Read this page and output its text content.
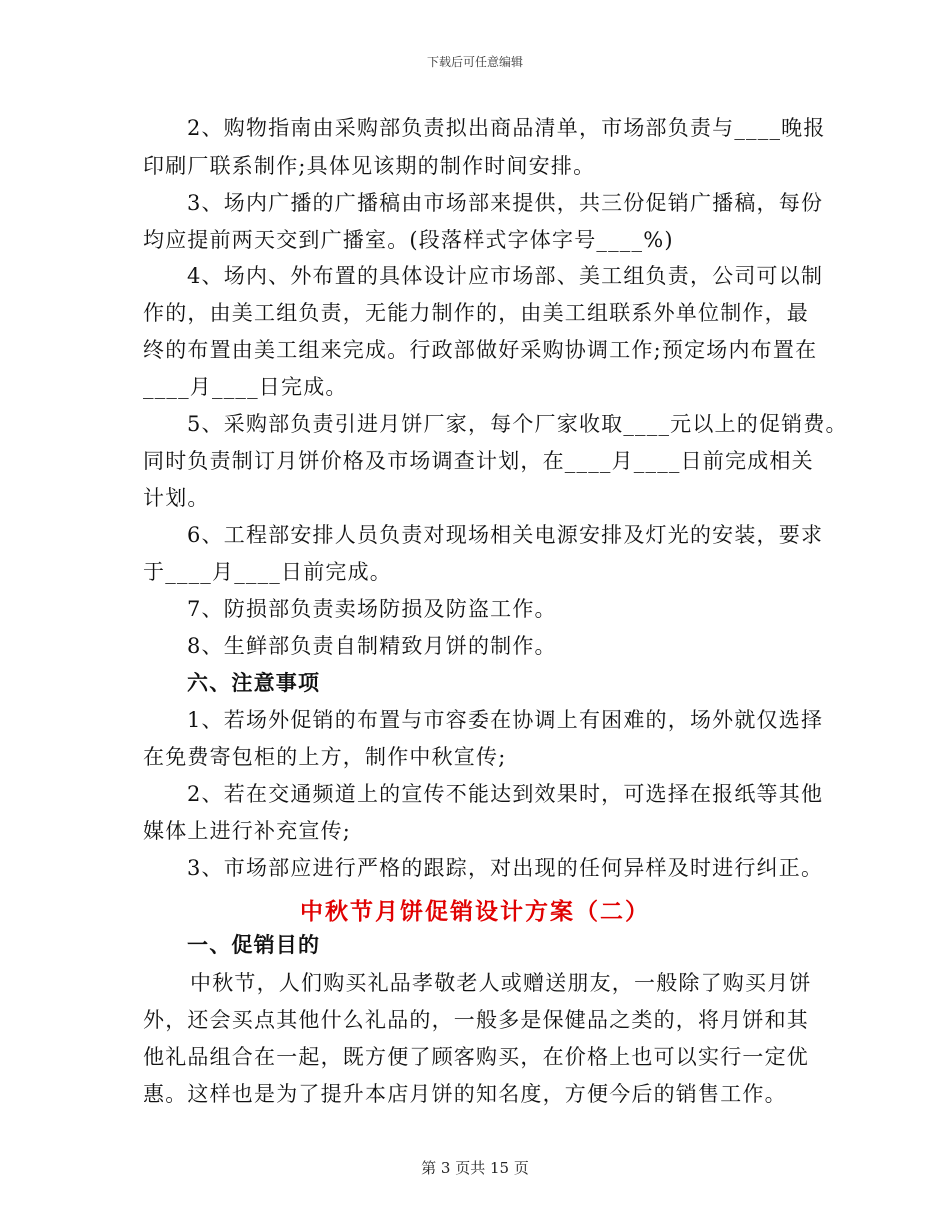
下载后可任意编辑
2、购物指南由采购部负责拟出商品清单，市场部负责与____晚报
印刷厂联系制作;具体见该期的制作时间安排。
3、场内广播的广播稿由市场部来提供，共三份促销广播稿，每份
均应提前两天交到广播室。(段落样式字体字号____%)
4、场内、外布置的具体设计应市场部、美工组负责，公司可以制
作的，由美工组负责，无能力制作的，由美工组联系外单位制作，最
终的布置由美工组来完成。行政部做好采购协调工作;预定场内布置在
____月____日完成。
5、采购部负责引进月饼厂家，每个厂家收取____元以上的促销费。
同时负责制订月饼价格及市场调查计划，在____月____日前完成相关
计划。
6、工程部安排人员负责对现场相关电源安排及灯光的安装，要求
于____月____日前完成。
7、防损部负责卖场防损及防盗工作。
8、生鲜部负责自制精致月饼的制作。
六、注意事项
1、若场外促销的布置与市容委在协调上有困难的，场外就仅选择
在免费寄包柜的上方，制作中秋宣传;
2、若在交通频道上的宣传不能达到效果时，可选择在报纸等其他
媒体上进行补充宣传;
3、市场部应进行严格的跟踪，对出现的任何异样及时进行纠正。
中秋节月饼促销设计方案（二）
一、促销目的
中秋节，人们购买礼品孝敬老人或赠送朋友，一般除了购买月饼
外，还会买点其他什么礼品的，一般多是保健品之类的，将月饼和其
他礼品组合在一起，既方便了顾客购买，在价格上也可以实行一定优
惠。这样也是为了提升本店月饼的知名度，方便今后的销售工作。
第 3 页共 15 页
